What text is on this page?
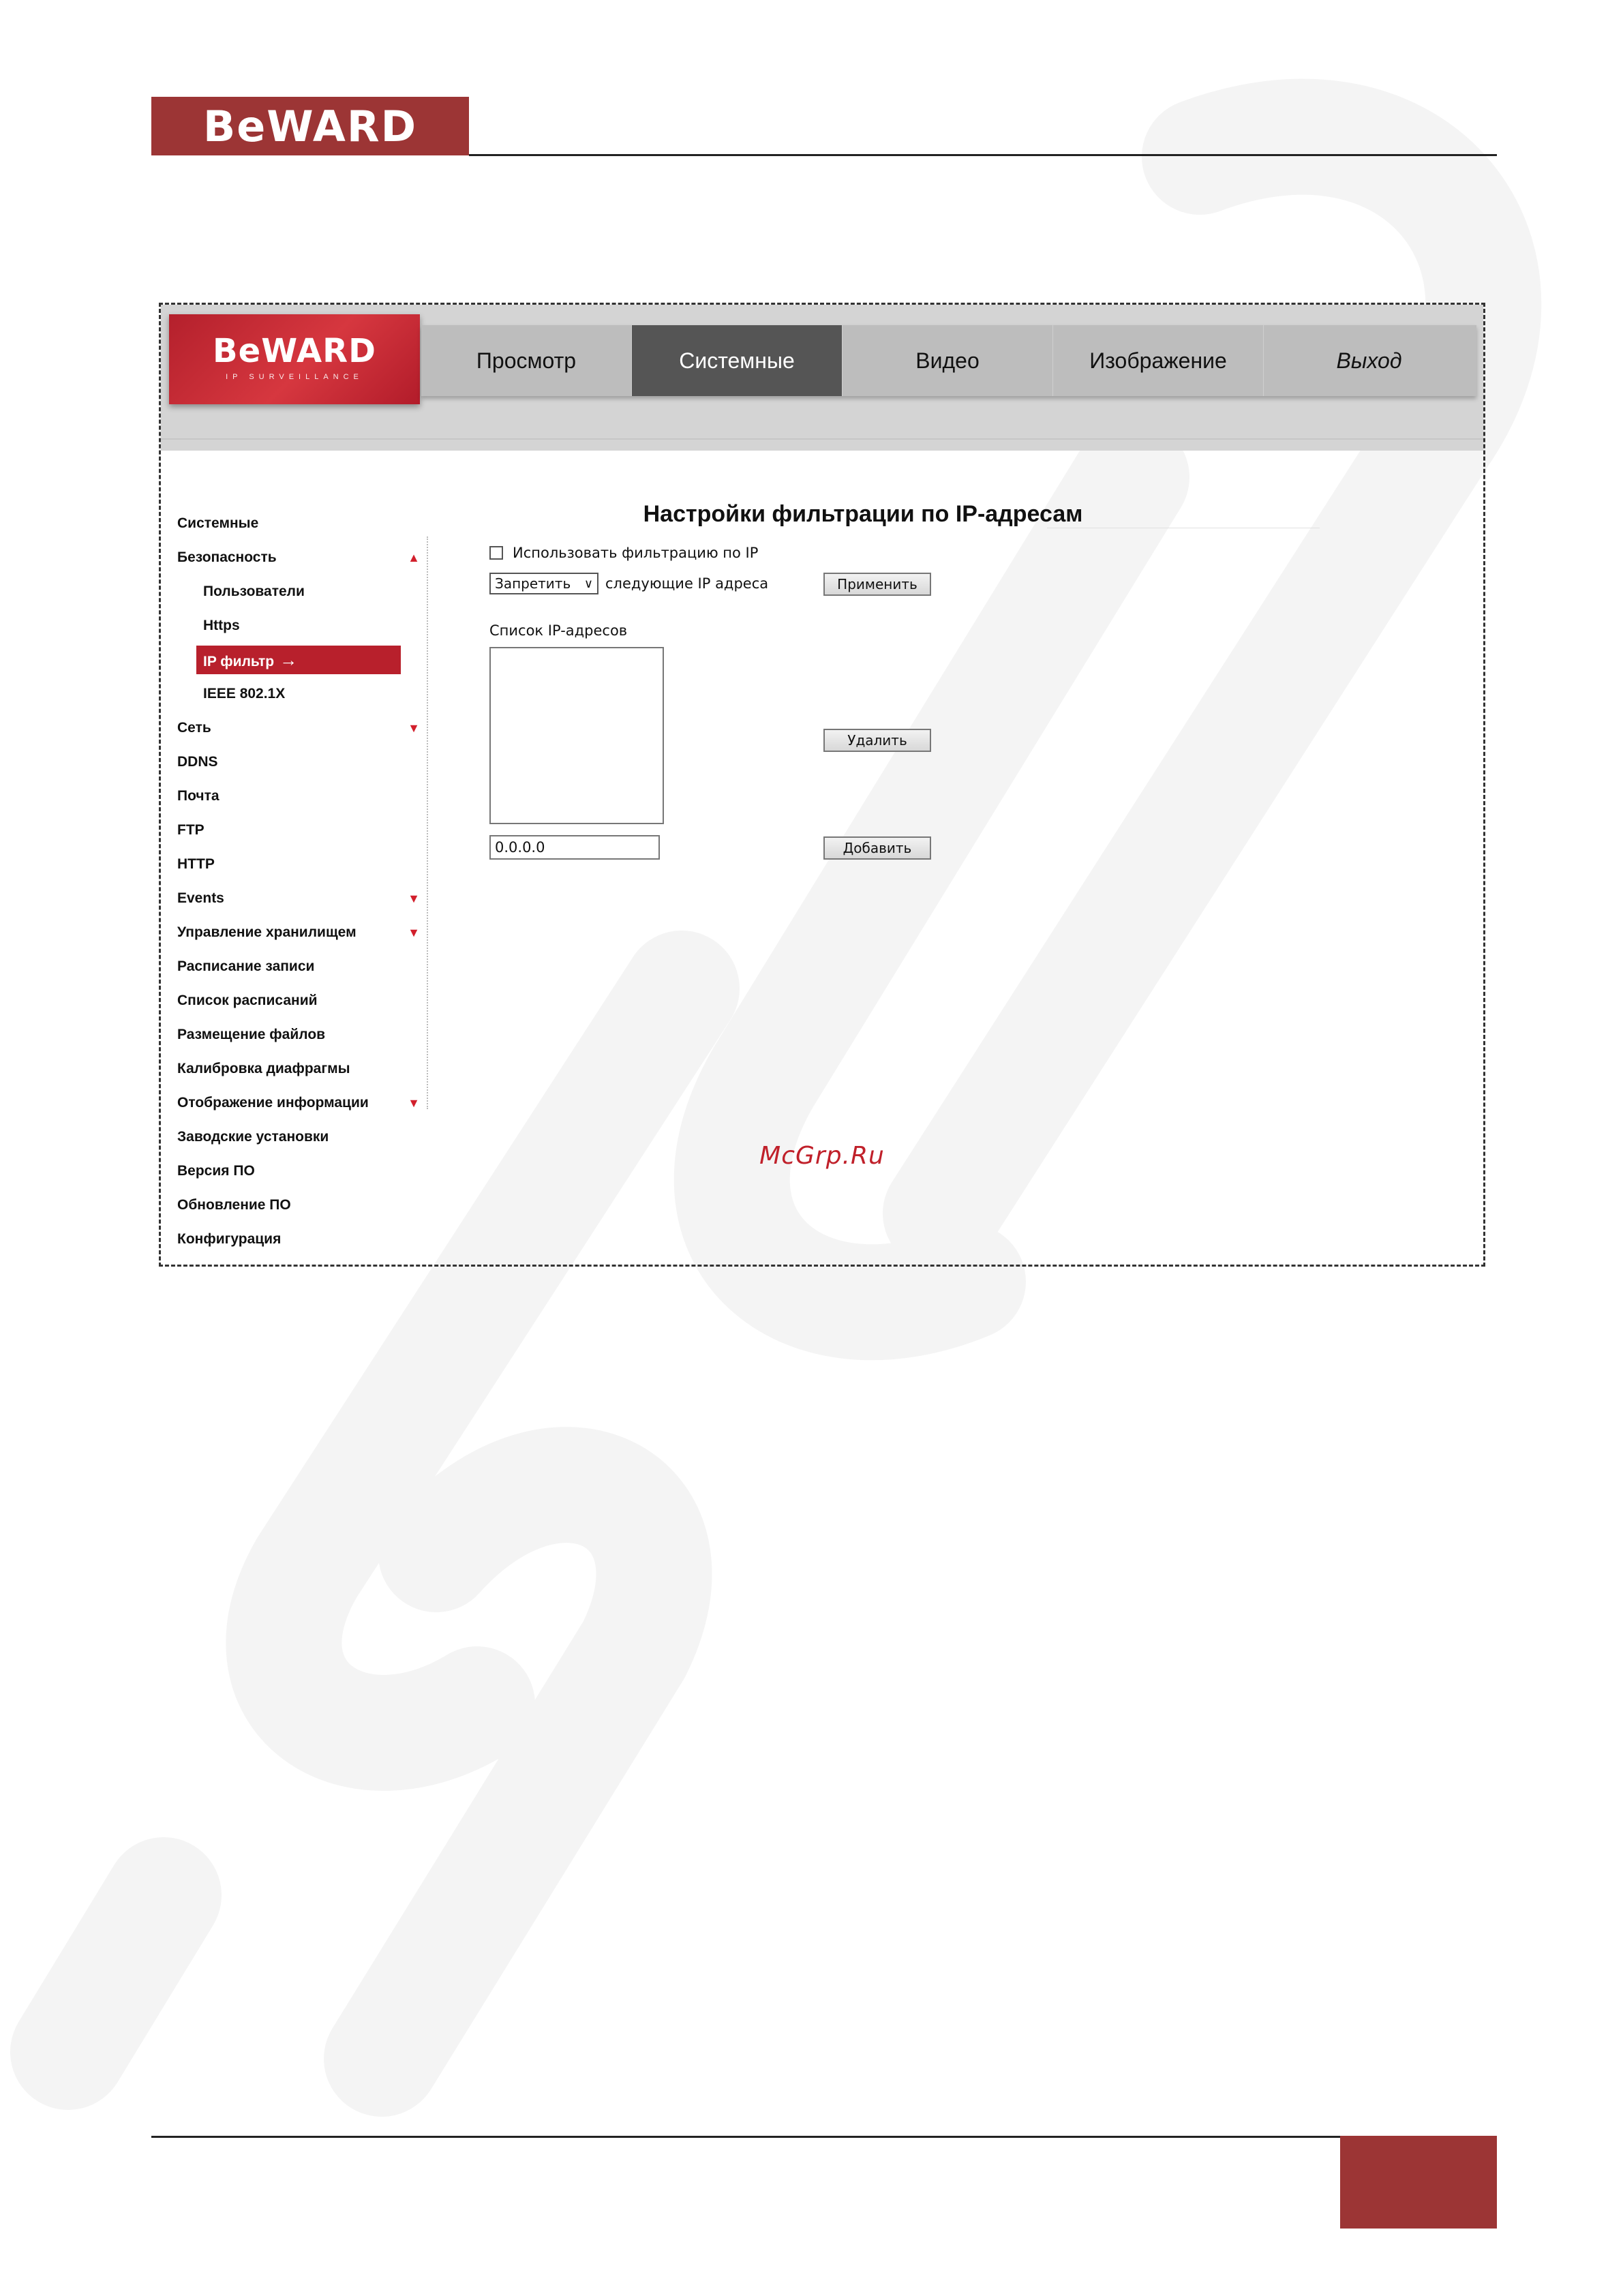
BeWARD
BeWARD
IP SURVEILLANCE
Просмотр	Системные	Видео	Изображение	Выход
Системные
Безопасность	▲
Пользователи
Https
IP фильтр →
IEEE 802.1X
Сеть	▼
DDNS
Почта
FTP
HTTP
Events	▼
Управление хранилищем	▼
Расписание записи
Список расписаний
Размещение файлов
Калибровка диафрагмы
Отображение информации	▼
Заводские установки
Версия ПО
Обновление ПО
Конфигурация
Настройки фильтрации по IP-адресам
Использовать фильтрацию по IP
Запретить ∨ следующие IP адреса	Применить
Список IP-адресов
Удалить
0.0.0.0	Добавить
McGrp.Ru
